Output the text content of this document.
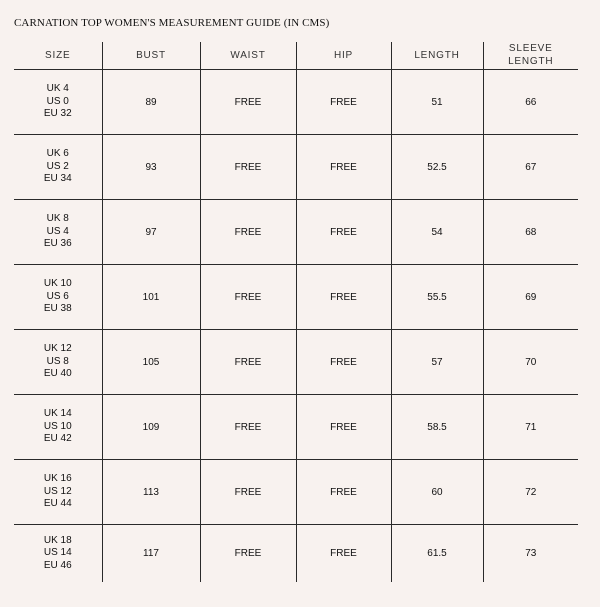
CARNATION TOP WOMEN'S MEASUREMENT GUIDE (IN CMS)
SIZE	BUST	WAIST	HIP	LENGTH	SLEEVE
LENGTH

UK 4
US 0
EU 32	89	FREE	FREE	51	66

UK 6
US 2
EU 34	93	FREE	FREE	52.5	67

UK 8
US 4
EU 36	97	FREE	FREE	54	68

UK 10
US 6
EU 38	101	FREE	FREE	55.5	69

UK 12
US 8
EU 40	105	FREE	FREE	57	70

UK 14
US 10
EU 42	109	FREE	FREE	58.5	71

UK 16
US 12
EU 44	113	FREE	FREE	60	72

UK 18
US 14
EU 46	117	FREE	FREE	61.5	73
